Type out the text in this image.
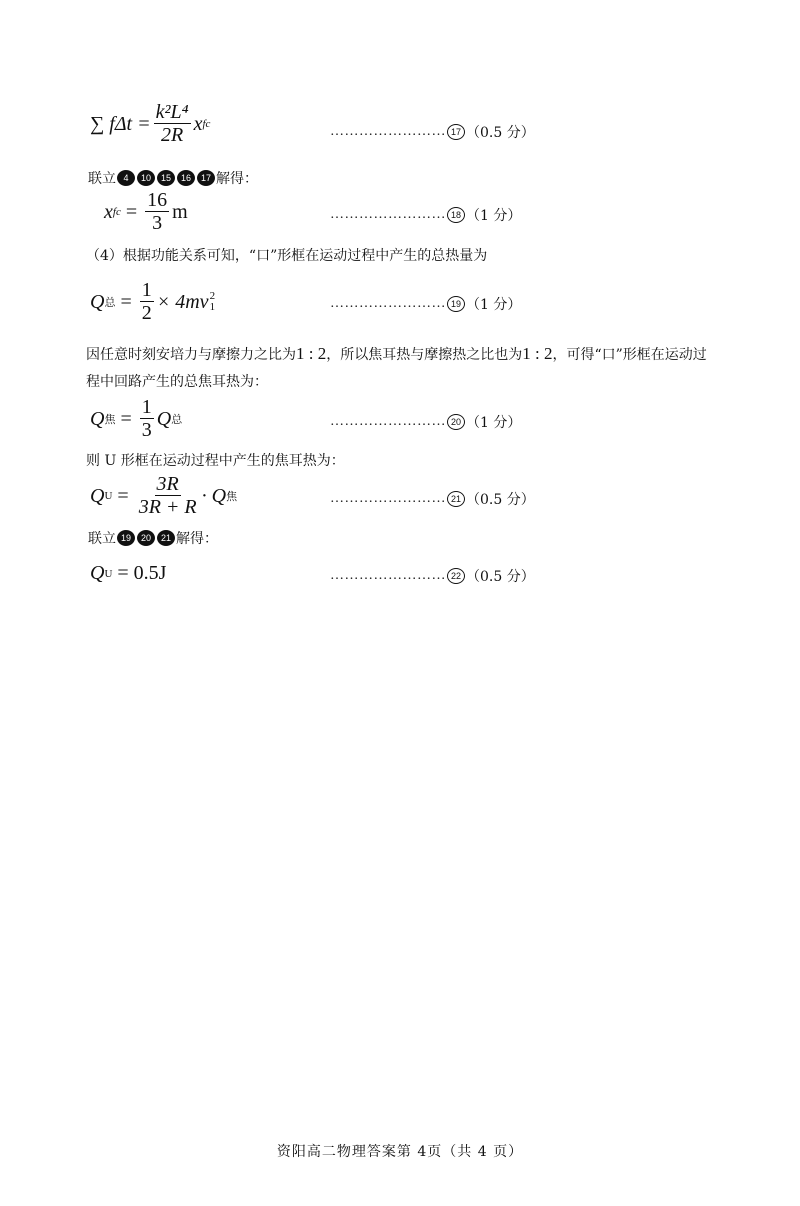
∑ $f\Delta t = \frac{\text{k²L⁴}}{2R}$ x fc	…………………… 17 （0.5 分）
联立 4	10	15	16	17 解得：
x fc = $\frac{16}{3}$ m	…………………… 18 （1 分）
（4）根据功能关系可知，“口”形框在运动过程中产生的总热量为
Q 总 = $\frac{1}{2} \times 4mv$ 2
1	…………………… 19 （1 分）
因任意时刻安培力与摩擦力之比为 1 : 2 ，所以焦耳热与摩擦热之比也为 1 : 2 ，可得“口”形框在运动过
程中回路产生的总焦耳热为：
Q 焦 = $\frac{1}{3}$ Q 总	…………………… 20 （1 分）
则 U 形框在运动过程中产生的焦耳热为：
Q $U = \frac{3R}{3R + R} \cdot Q$ 焦	…………………… 21 （0.5 分）
联立 19	20	21 解得：
Q U = 0.5J	…………………… 22 （0.5 分）
资阳高二物理答案第 4页（共 4 页）
